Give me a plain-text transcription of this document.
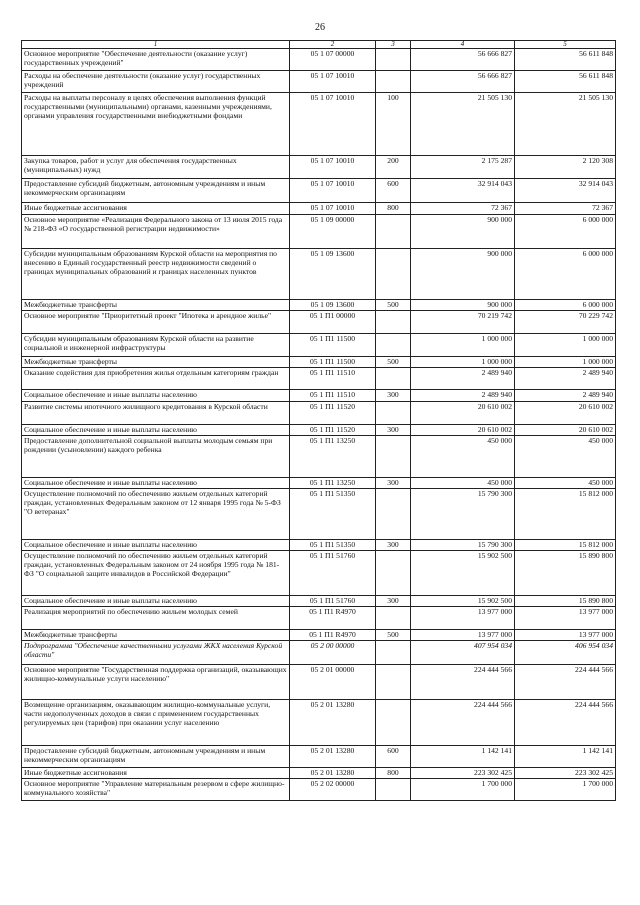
26
1	2	3	4	5
Основное мероприятие "Обеспечение деятельности (оказание услуг) государственных учреждений"	05 1 07 00000		56 666 827	56 611 848
Расходы на обеспечение деятельности (оказание услуг) государственных учреждений	05 1 07 10010		56 666 827	56 611 848
Расходы на выплаты персоналу в целях обеспечения выполнения функций государственными (муниципальными) органами, казенными учреждениями, органами управления государственными внебюджетными фондами	05 1 07 10010	100	21 505 130	21 505 130
Закупка товаров, работ и услуг для обеспечения государственных (муниципальных) нужд	05 1 07 10010	200	2 175 287	2 120 308
Предоставление субсидий бюджетным, автономным учреждениям и иным некоммерческим организациям	05 1 07 10010	600	32 914 043	32 914 043
Иные бюджетные ассигнования	05 1 07 10010	800	72 367	72 367
Основное мероприятие «Реализация Федерального закона от 13 июля 2015 года № 218-ФЗ «О государственной регистрации недвижимости»	05 1 09 00000		900 000	6 000 000
Субсидии муниципальным образованиям Курской области на мероприятия по внесению в Единый государственный реестр недвижимости сведений о границах муниципальных образований и границах населенных пунктов	05 1 09 13600		900 000	6 000 000
Межбюджетные трансферты	05 1 09 13600	500	900 000	6 000 000
Основное мероприятие "Приоритетный проект "Ипотека и арендное жилье"	05 1 П1 00000		70 219 742	70 229 742
Субсидии муниципальным образованиям Курской области на развитие социальной и инженерной инфраструктуры	05 1 П1 11500		1 000 000	1 000 000
Межбюджетные трансферты	05 1 П1 11500	500	1 000 000	1 000 000
Оказание содействия для приобретения жилья отдельным категориям граждан	05 1 П1 11510		2 489 940	2 489 940
Социальное обеспечение и иные выплаты населению	05 1 П1 11510	300	2 489 940	2 489 940
Развитие системы ипотечного жилищного кредитования в Курской области	05 1 П1 11520		20 610 002	20 610 002
Социальное обеспечение и иные выплаты населению	05 1 П1 11520	300	20 610 002	20 610 002
Предоставление дополнительной социальной выплаты молодым семьям при рождении (усыновлении) каждого ребенка	05 1 П1 13250		450 000	450 000
Социальное обеспечение и иные выплаты населению	05 1 П1 13250	300	450 000	450 000
Осуществление полномочий по обеспечению жильем отдельных категорий граждан, установленных Федеральным законом от 12 января 1995 года № 5-ФЗ "О ветеранах"	05 1 П1 51350		15 790 300	15 812 000
Социальное обеспечение и иные выплаты населению	05 1 П1 51350	300	15 790 300	15 812 000
Осуществление полномочий по обеспечению жильем отдельных категорий граждан, установленных Федеральным законом от 24 ноября 1995 года № 181-ФЗ "О социальной защите инвалидов в Российской Федерации"	05 1 П1 51760		15 902 500	15 890 800
Социальное обеспечение и иные выплаты населению	05 1 П1 51760	300	15 902 500	15 890 800
Реализация мероприятий по обеспечению жильем молодых семей	05 1 П1 R4970		13 977 000	13 977 000
Межбюджетные трансферты	05 1 П1 R4970	500	13 977 000	13 977 000
Подпрограмма "Обеспечение качественными услугами ЖКХ населения Курской области"	05 2 00 00000		407 954 034	406 954 034
Основное мероприятие "Государственная поддержка организаций, оказывающих жилищно-коммунальные услуги населению"	05 2 01 00000		224 444 566	224 444 566
Возмещение организациям, оказывающим жилищно-коммунальные услуги, части недополученных доходов в связи с применением государственных регулируемых цен (тарифов) при оказании услуг населению	05 2 01 13280		224 444 566	224 444 566
Предоставление субсидий бюджетным, автономным учреждениям и иным некоммерческим организациям	05 2 01 13280	600	1 142 141	1 142 141
Иные бюджетные ассигнования	05 2 01 13280	800	223 302 425	223 302 425
Основное мероприятие "Управление материальным резервом в сфере жилищно-коммунального хозяйства"	05 2 02 00000		1 700 000	1 700 000
